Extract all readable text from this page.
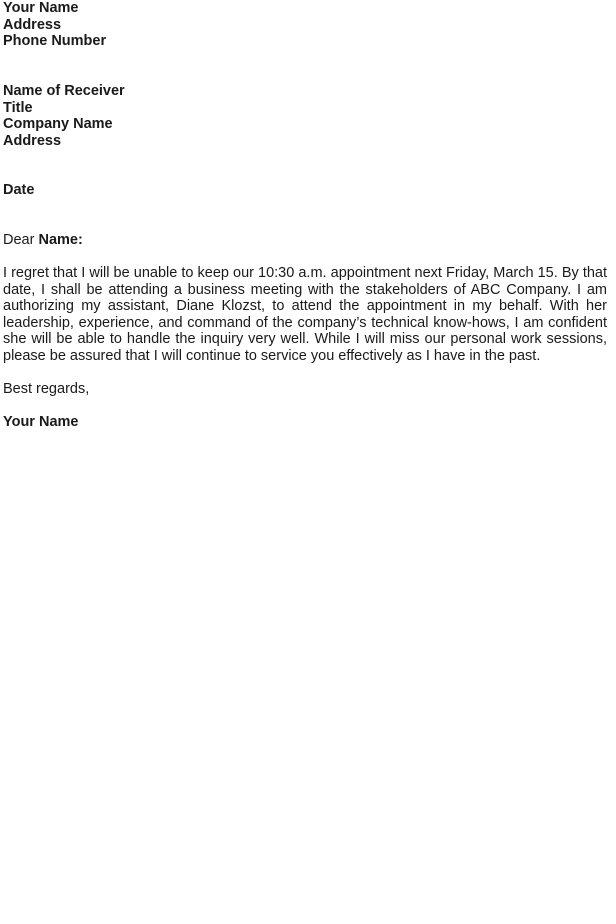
Your Name
Address
Phone Number
Name of Receiver
Title
Company Name
Address
Date
Dear Name:
I regret that I will be unable to keep our 10:30 a.m. appointment next Friday, March 15. By that
date, I shall be attending a business meeting with the stakeholders of ABC Company. I am
authorizing my assistant, Diane Klozst, to attend the appointment in my behalf. With her
leadership, experience, and command of the company’s technical know-hows, I am confident
she will be able to handle the inquiry very well. While I will miss our personal work sessions,
please be assured that I will continue to service you effectively as I have in the past.
Best regards,
Your Name
